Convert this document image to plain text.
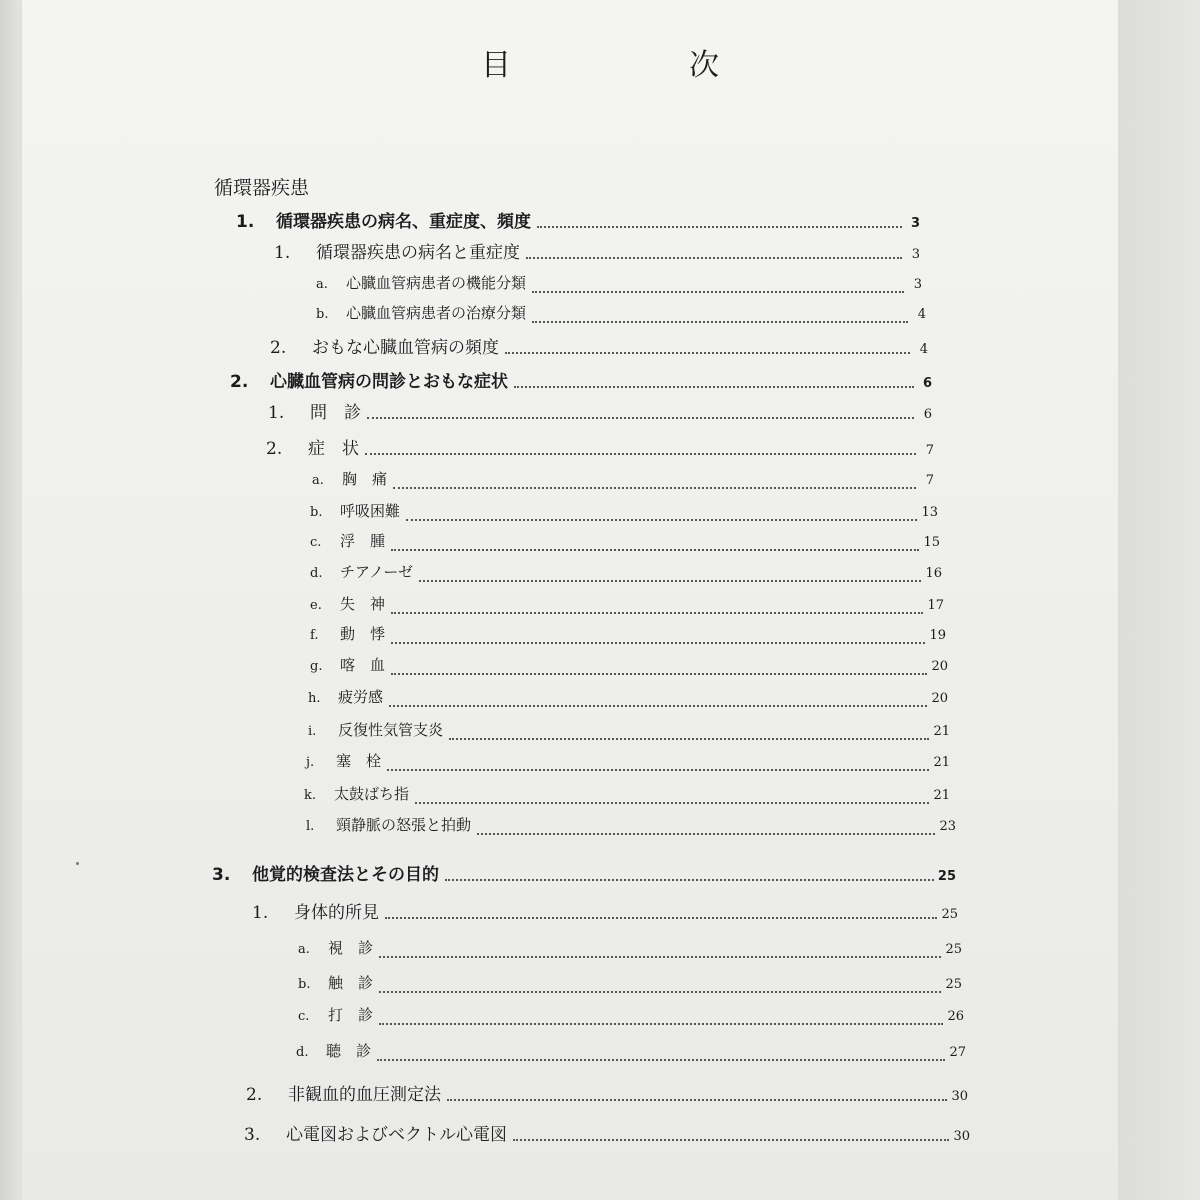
目　次
循環器疾患
1.	循環器疾患の病名、重症度、頻度	3
1.	循環器疾患の病名と重症度	3
a.	心臓血管病患者の機能分類	3
b.	心臓血管病患者の治療分類	4
2.	おもな心臓血管病の頻度	4
2.	心臓血管病の問診とおもな症状	6
1.	問　診	6
2.	症　状	7
a.	胸　痛	7
b.	呼吸困難	13
c.	浮　腫	15
d.	チアノーゼ	16
e.	失　神	17
f.	動　悸	19
g.	喀　血	20
h.	疲労感	20
i.	反復性気管支炎	21
j.	塞　栓	21
k.	太鼓ばち指	21
l.	頸静脈の怒張と拍動	23
3.	他覚的検査法とその目的	25
1.	身体的所見	25
a.	視　診	25
b.	触　診	25
c.	打　診	26
d.	聴　診	27
2.	非観血的血圧測定法	30
3.	心電図およびベクトル心電図	30
